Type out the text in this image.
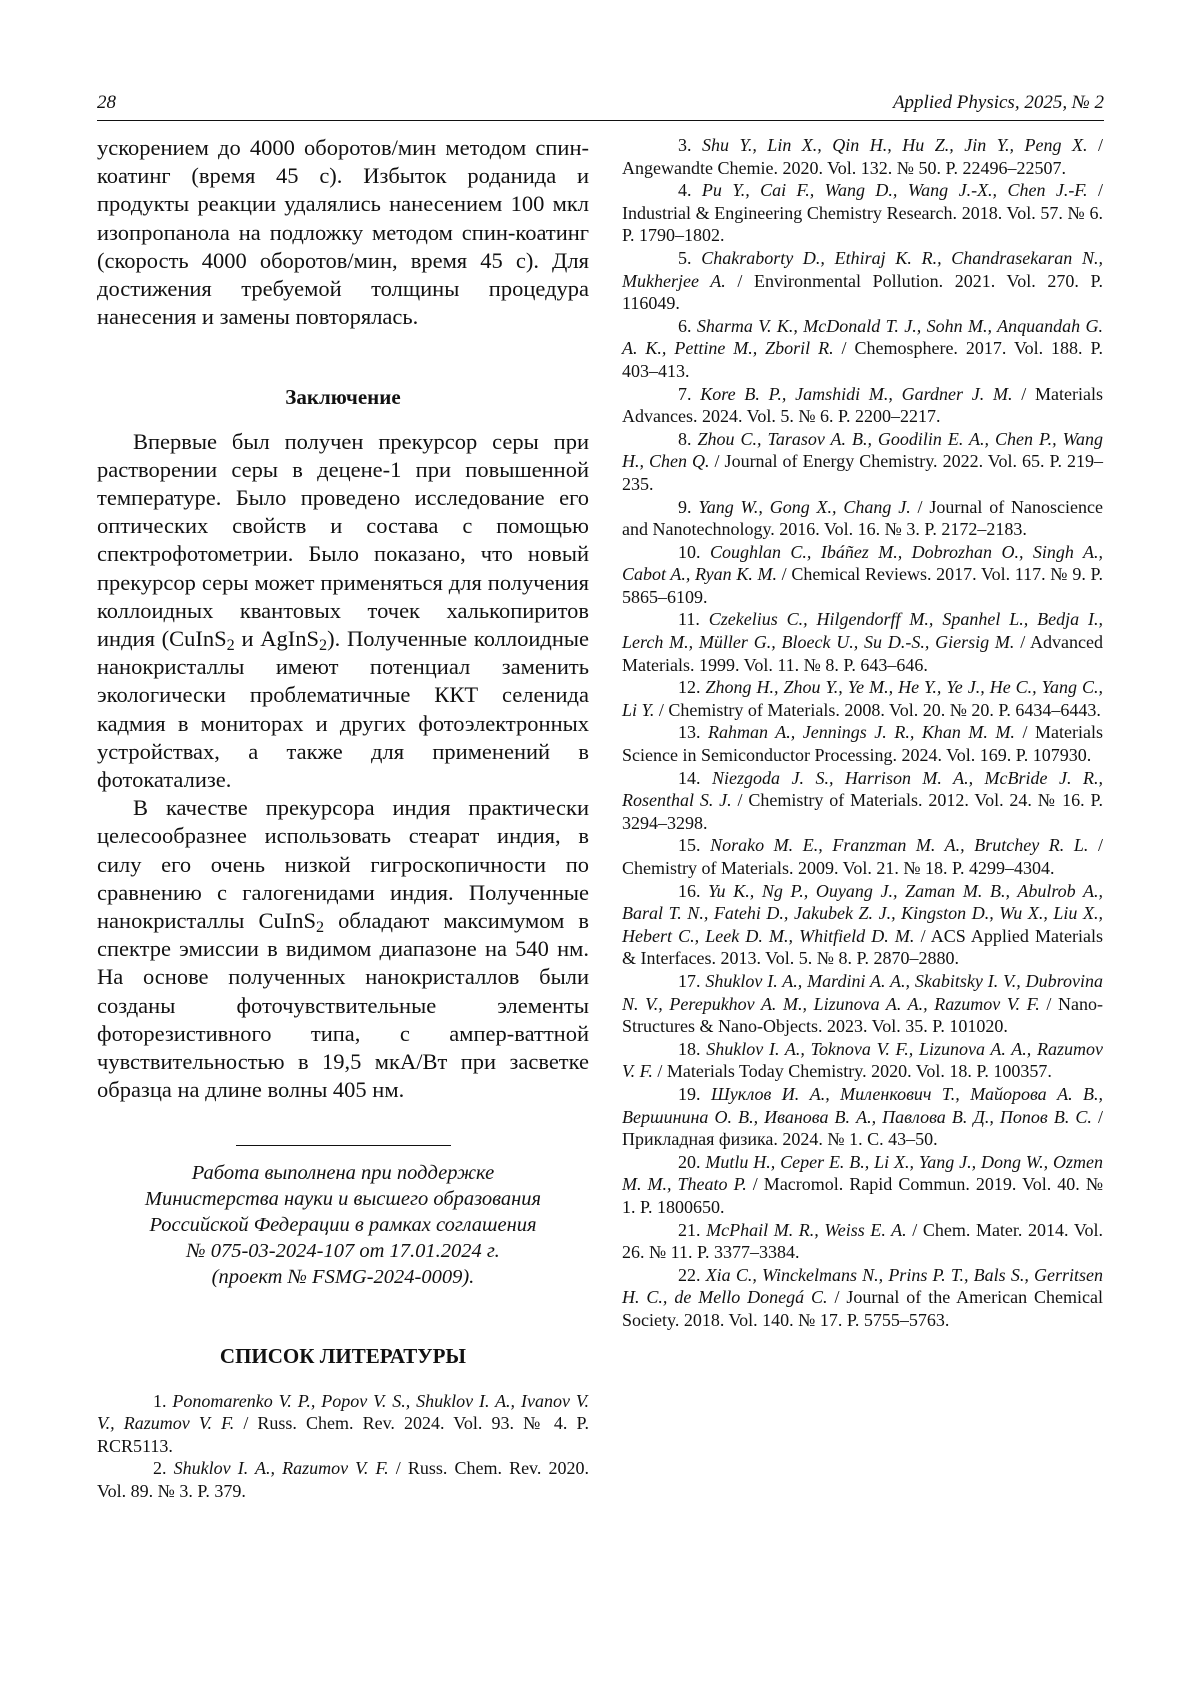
28	Applied Physics, 2025, № 2

ускорением до 4000 оборотов/мин методом спин-коатинг (время 45 с). Избыток роданида и продукты реакции удалялись нанесением 100 мкл изопропанола на подложку методом спин-коатинг (скорость 4000 оборотов/мин, время 45 с). Для достижения требуемой толщины процедура нанесения и замены повторялась.

Заключение

Впервые был получен прекурсор серы при растворении серы в децене-1 при повышенной температуре. Было проведено исследование его оптических свойств и состава с помощью спектрофотометрии. Было показано, что новый прекурсор серы может применяться для получения коллоидных квантовых точек халькопиритов индия (CuInS$_2$ и AgInS$_2$). Полученные коллоидные нанокристаллы имеют потенциал заменить экологически проблематичные ККТ селенида кадмия в мониторах и других фотоэлектронных устройствах, а также для применений в фотокатализе.

В качестве прекурсора индия практически целесообразнее использовать стеарат индия, в силу его очень низкой гигроскопичности по сравнению с галогенидами индия. Полученные нанокристаллы CuInS$_2$ обладают максимумом в спектре эмиссии в видимом диапазоне на 540 нм. На основе полученных нанокристаллов были созданы фоточувствительные элементы фоторезистивного типа, с ампер-ваттной чувствительностью в 19,5 мкА/Вт при засветке образца на длине волны 405 нм.

Работа выполнена при поддержке
Министерства науки и высшего образования
Российской Федерации в рамках соглашения
№ 075-03-2024-107 от 17.01.2024 г.
(проект № FSMG-2024-0009).

СПИСОК ЛИТЕРАТУРЫ

1. Ponomarenko V. P., Popov V. S., Shuklov I. A., Ivanov V. V., Razumov V. F. / Russ. Chem. Rev. 2024. Vol. 93. № 4. P. RCR5113.

2. Shuklov I. A., Razumov V. F. / Russ. Chem. Rev. 2020. Vol. 89. № 3. P. 379.

3. Shu Y., Lin X., Qin H., Hu Z., Jin Y., Peng X. / Angewandte Chemie. 2020. Vol. 132. № 50. P. 22496–22507.

4. Pu Y., Cai F., Wang D., Wang J.-X., Chen J.-F. / Industrial & Engineering Chemistry Research. 2018. Vol. 57. № 6. P. 1790–1802.

5. Chakraborty D., Ethiraj K. R., Chandrasekaran N., Mukherjee A. / Environmental Pollution. 2021. Vol. 270. P. 116049.

6. Sharma V. K., McDonald T. J., Sohn M., Anquandah G. A. K., Pettine M., Zboril R. / Chemosphere. 2017. Vol. 188. P. 403–413.

7. Kore B. P., Jamshidi M., Gardner J. M. / Materials Advances. 2024. Vol. 5. № 6. P. 2200–2217.

8. Zhou C., Tarasov A. B., Goodilin E. A., Chen P., Wang H., Chen Q. / Journal of Energy Chemistry. 2022. Vol. 65. P. 219–235.

9. Yang W., Gong X., Chang J. / Journal of Nanoscience and Nanotechnology. 2016. Vol. 16. № 3. P. 2172–2183.

10. Coughlan C., Ibáñez M., Dobrozhan O., Singh A., Cabot A., Ryan K. M. / Chemical Reviews. 2017. Vol. 117. № 9. P. 5865–6109.

11. Czekelius C., Hilgendorff M., Spanhel L., Bedja I., Lerch M., Müller G., Bloeck U., Su D.-S., Giersig M. / Advanced Materials. 1999. Vol. 11. № 8. P. 643–646.

12. Zhong H., Zhou Y., Ye M., He Y., Ye J., He C., Yang C., Li Y. / Chemistry of Materials. 2008. Vol. 20. № 20. P. 6434–6443.

13. Rahman A., Jennings J. R., Khan M. M. / Materials Science in Semiconductor Processing. 2024. Vol. 169. P. 107930.

14. Niezgoda J. S., Harrison M. A., McBride J. R., Rosenthal S. J. / Chemistry of Materials. 2012. Vol. 24. № 16. P. 3294–3298.

15. Norako M. E., Franzman M. A., Brutchey R. L. / Chemistry of Materials. 2009. Vol. 21. № 18. P. 4299–4304.

16. Yu K., Ng P., Ouyang J., Zaman M. B., Abulrob A., Baral T. N., Fatehi D., Jakubek Z. J., Kingston D., Wu X., Liu X., Hebert C., Leek D. M., Whitfield D. M. / ACS Applied Materials & Interfaces. 2013. Vol. 5. № 8. P. 2870–2880.

17. Shuklov I. A., Mardini A. A., Skabitsky I. V., Dubrovina N. V., Perepukhov A. M., Lizunova A. A., Razumov V. F. / Nano-Structures & Nano-Objects. 2023. Vol. 35. P. 101020.

18. Shuklov I. A., Toknova V. F., Lizunova A. A., Razumov V. F. / Materials Today Chemistry. 2020. Vol. 18. P. 100357.

19. Шуклов И. А., Миленкович Т., Майорова А. В., Вершинина О. В., Иванова В. А., Павлова В. Д., Попов В. С. / Прикладная физика. 2024. № 1. С. 43–50.

20. Mutlu H., Ceper E. B., Li X., Yang J., Dong W., Ozmen M. M., Theato P. / Macromol. Rapid Commun. 2019. Vol. 40. № 1. P. 1800650.

21. McPhail M. R., Weiss E. A. / Chem. Mater. 2014. Vol. 26. № 11. P. 3377–3384.

22. Xia C., Winckelmans N., Prins P. T., Bals S., Gerritsen H. C., de Mello Donegá C. / Journal of the American Chemical Society. 2018. Vol. 140. № 17. P. 5755–5763.
